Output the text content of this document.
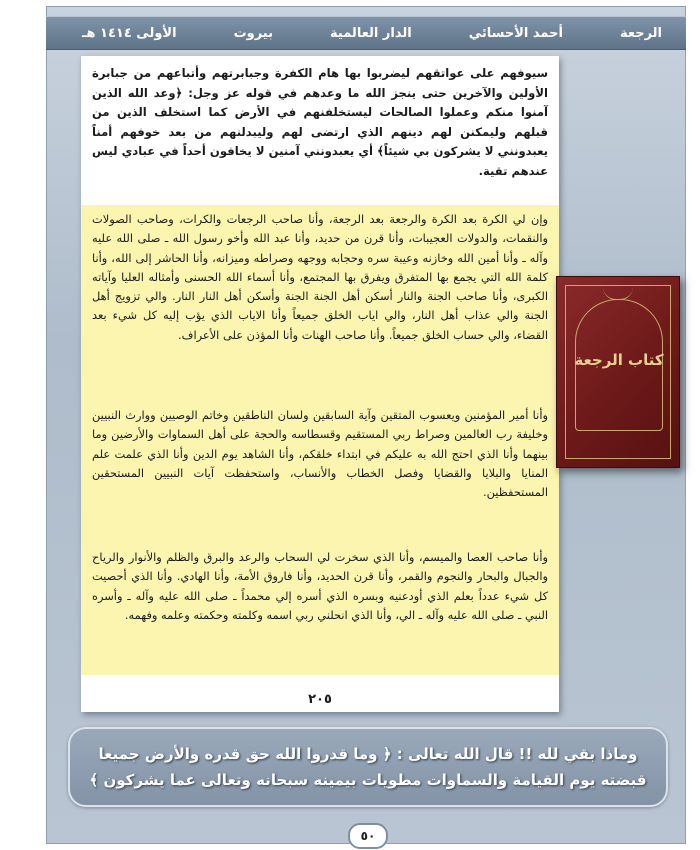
الرجعة
أحمد الأحسائي
الدار العالمية
بيروت
الأولى ١٤١٤ هـ
سيوفهم على عواتقهم ليضربوا بها هام الكفرة وجبابرتهم وأتباعهم من جبابرة الأولين والآخرين حتى ينجز الله ما وعدهم في قوله عز وجل: ﴿وعد الله الذين آمنوا منكم وعملوا الصالحات ليستخلفنهم في الأرض كما استخلف الذين من قبلهم وليمكنن لهم دينهم الذي ارتضى لهم وليبدلنهم من بعد خوفهم أمناً يعبدونني لا يشركون بي شيئاً﴾ أي يعبدونني آمنين لا يخافون أحداً في عبادي ليس عندهم تقية.
وإن لي الكرة بعد الكرة والرجعة بعد الرجعة، وأنا صاحب الرجعات والكرات، وصاحب الصولات والنقمات، والدولات العجيبات، وأنا قرن من حديد، وأنا عبد الله وأخو رسول الله ـ صلى الله عليه وآله ـ وأنا أمين الله وخازنه وعيبة سره وحجابه ووجهه وصراطه وميزانه، وأنا الحاشر إلى الله، وأنا كلمة الله التي يجمع بها المتفرق ويفرق بها المجتمع، وأنا أسماء الله الحسنى وأمثاله العليا وآياته الكبرى، وأنا صاحب الجنة والنار أسكن أهل الجنة الجنة وأسكن أهل النار النار. والي تزويج أهل الجنة والي عذاب أهل النار، والي اياب الخلق جميعاً وأنا الاياب الذي يؤب إليه كل شيء بعد القضاء، والي حساب الخلق جميعاً. وأنا صاحب الهنات وأنا المؤذن على الأعراف.
وأنا أمير المؤمنين ويعسوب المتقين وآية السابقين ولسان الناطقين وخاتم الوصيين ووارث النبيين وخليفة رب العالمين وصراط ربي المستقيم وقسطاسه والحجة على أهل السماوات والأرضين وما بينهما وأنا الذي احتج الله به عليكم في ابتداء خلقكم، وأنا الشاهد يوم الدين وأنا الذي علمت علم المنايا والبلايا والقضايا وفصل الخطاب والأنساب، واستحفظت آيات النبيين المستحقين المستحفظين.
وأنا صاحب العصا والميسم، وأنا الذي سخرت لي السحاب والرعد والبرق والظلم والأنوار والرياح والجبال والبحار والنجوم والقمر، وأنا قرن الحديد، وأنا فاروق الأمة، وأنا الهادي. وأنا الذي أحصيت كل شيء عدداً بعلم الذي أودعنيه وبسره الذي أسره إلي محمداً ـ صلى الله عليه وآله ـ وأسره النبي ـ صلى الله عليه وآله ـ الي، وأنا الذي انحلني ربي اسمه وكلمته وحكمته وعلمه وفهمه.
٢٠٥
كتاب الرجعة
وماذا بقي لله !! قال الله تعالى : ﴿ وما قدروا الله حق قدره والأرض جميعا قبضته يوم القيامة والسماوات مطويات بيمينه سبحانه وتعالى عما يشركون ﴾
٥٠
